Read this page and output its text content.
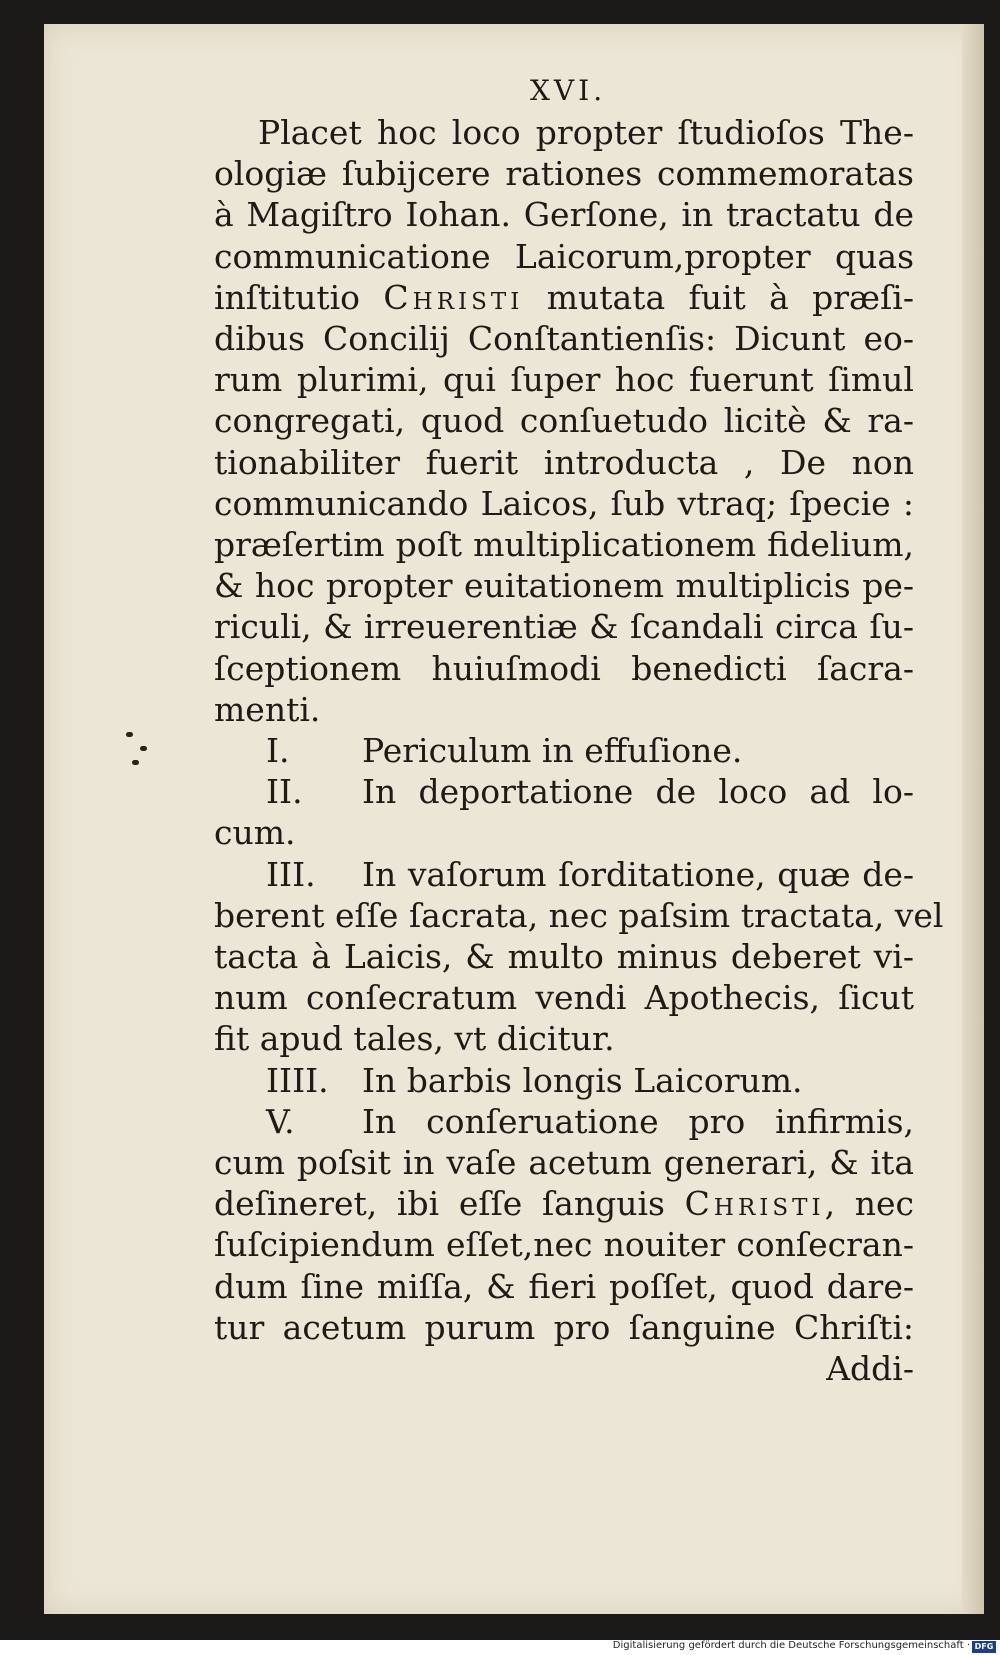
XVI.
Placet hoc loco propter ſtudioſos The-
ologiæ ſubijcere rationes commemoratas
à Magiſtro Iohan. Gerſone, in tractatu de
communicatione Laicorum,propter quas
inſtitutio Christi mutata fuit à præſi-
dibus Concilij Conſtantienſis: Dicunt eo-
rum plurimi, qui ſuper hoc fuerunt ſimul
congregati, quod conſuetudo licitè & ra-
tionabiliter fuerit introducta , De non
communicando Laicos, ſub vtraq; ſpecie :
præſertim poſt multiplicationem fidelium,
& hoc propter euitationem multiplicis pe-
riculi, & irreuerentiæ & ſcandali circa ſu-
ſceptionem huiuſmodi benedicti ſacra-
menti.
I.	Periculum in effuſione.
II.	In deportatione de loco ad lo-
cum.
III.	In vaſorum ſorditatione, quæ de-
berent eſſe ſacrata, nec paſsim tractata, vel
tacta à Laicis, & multo minus deberet vi-
num conſecratum vendi Apothecis, ſicut
fit apud tales, vt dicitur.
IIII.	In barbis longis Laicorum.
V.	In conſeruatione pro infirmis,
cum poſsit in vaſe acetum generari, & ita
deſineret, ibi eſſe ſanguis Christi, nec
ſuſcipiendum eſſet,nec nouiter conſecran-
dum ſine miſſa, & fieri poſſet, quod dare-
tur acetum purum pro ſanguine Chriſti:
Addi-
Digitalisierung gefördert durch die Deutsche Forschungsgemeinschaft · DFG
